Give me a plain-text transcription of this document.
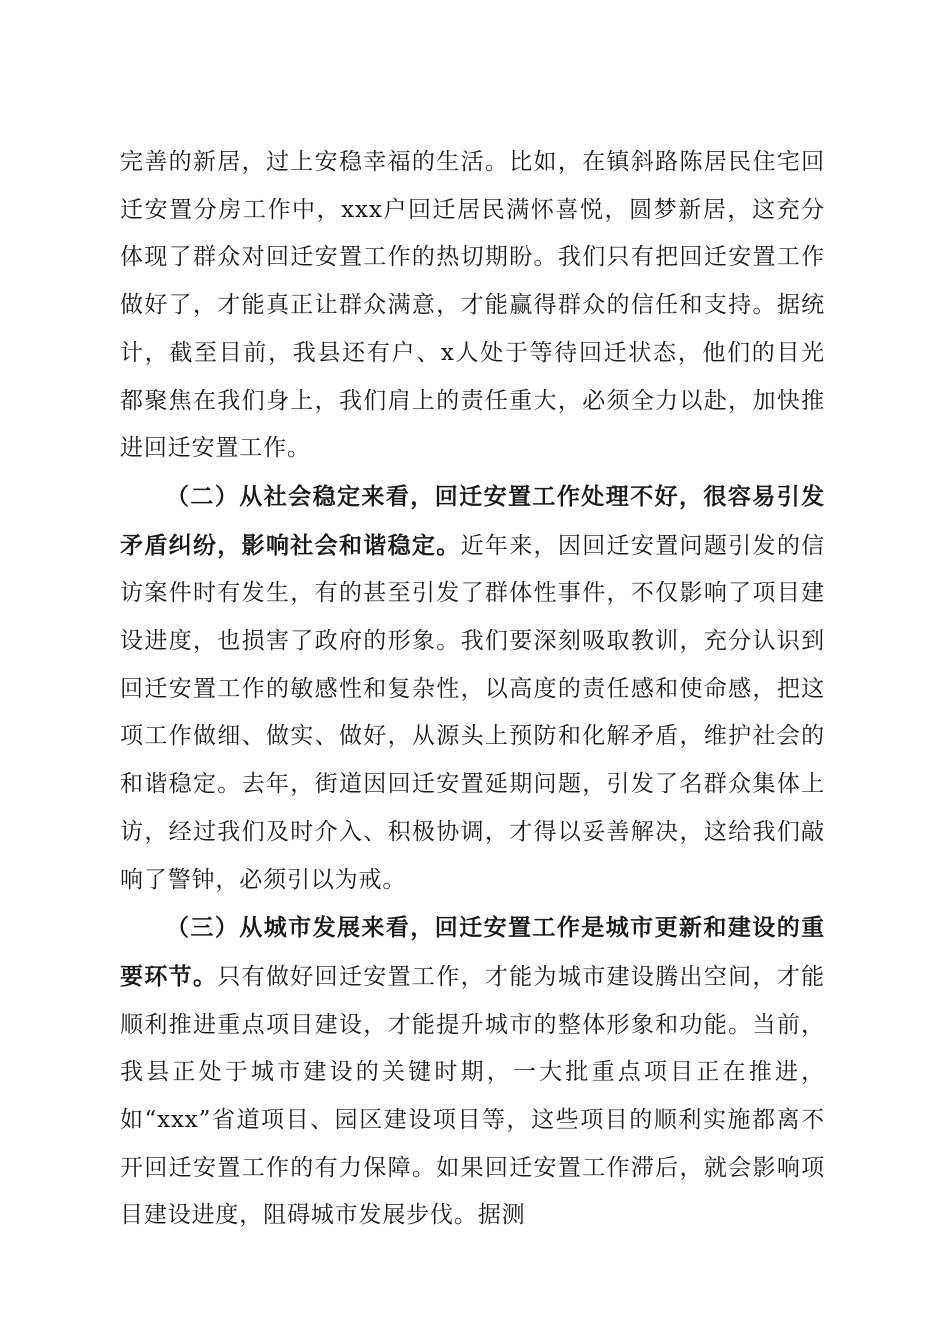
完善的新居，过上安稳幸福的生活。比如，在镇斜路陈居民住宅回迁安置分房工作中，xxx户回迁居民满怀喜悦，圆梦新居，这充分体现了群众对回迁安置工作的热切期盼。我们只有把回迁安置工作做好了，才能真正让群众满意，才能赢得群众的信任和支持。据统计，截至目前，我县还有户、x人处于等待回迁状态，他们的目光都聚焦在我们身上，我们肩上的责任重大，必须全力以赴，加快推进回迁安置工作。

（二）从社会稳定来看，回迁安置工作处理不好，很容易引发矛盾纠纷，影响社会和谐稳定。近年来，因回迁安置问题引发的信访案件时有发生，有的甚至引发了群体性事件，不仅影响了项目建设进度，也损害了政府的形象。我们要深刻吸取教训，充分认识到回迁安置工作的敏感性和复杂性，以高度的责任感和使命感，把这项工作做细、做实、做好，从源头上预防和化解矛盾，维护社会的和谐稳定。去年，街道因回迁安置延期问题，引发了名群众集体上访，经过我们及时介入、积极协调，才得以妥善解决，这给我们敲响了警钟，必须引以为戒。

（三）从城市发展来看，回迁安置工作是城市更新和建设的重要环节。只有做好回迁安置工作，才能为城市建设腾出空间，才能顺利推进重点项目建设，才能提升城市的整体形象和功能。当前，我县正处于城市建设的关键时期，一大批重点项目正在推进，如“xxx”省道项目、园区建设项目等，这些项目的顺利实施都离不开回迁安置工作的有力保障。如果回迁安置工作滞后，就会影响项目建设进度，阻碍城市发展步伐。据测
